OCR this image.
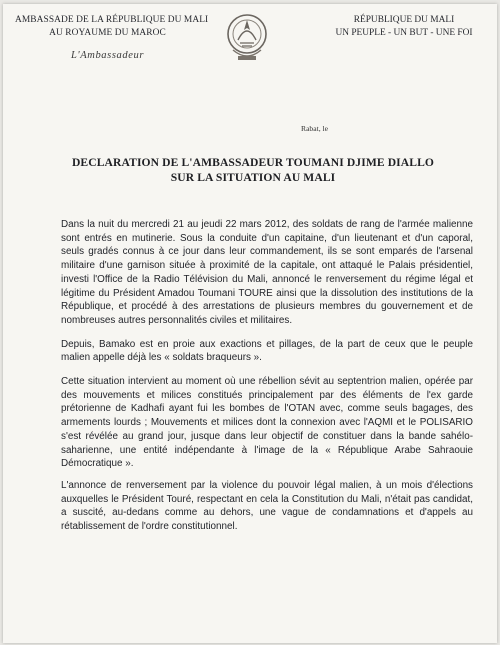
AMBASSADE DE LA RÉPUBLIQUE DU MALI
AU ROYAUME DU MAROC
L'Ambassadeur
RÉPUBLIQUE DU MALI
UN PEUPLE - UN BUT - UNE FOI
Rabat, le
DECLARATION DE L'AMBASSADEUR TOUMANI DJIME DIALLO
SUR LA SITUATION AU MALI

Dans la nuit du mercredi 21 au jeudi 22 mars 2012, des soldats de rang de l'armée malienne sont entrés en mutinerie. Sous la conduite d'un capitaine, d'un lieutenant et d'un caporal, seuls gradés connus à ce jour dans leur commandement, ils se sont emparés de l'arsenal militaire d'une garnison située à proximité de la capitale, ont attaqué le Palais présidentiel, investi l'Office de la Radio Télévision du Mali, annoncé le renversement du régime légal et légitime du Président Amadou Toumani TOURE ainsi que la dissolution des institutions de la République, et procédé à des arrestations de plusieurs membres du gouvernement et de nombreuses autres personnalités civiles et militaires.

Depuis, Bamako est en proie aux exactions et pillages, de la part de ceux que le peuple malien appelle déjà les « soldats braqueurs ».

Cette situation intervient au moment où une rébellion sévit au septentrion malien, opérée par des mouvements et milices constitués principalement par des éléments de l'ex garde prétorienne de Kadhafi ayant fui les bombes de l'OTAN avec, comme seuls bagages, des armements lourds ; Mouvements et milices dont la connexion avec l'AQMI et le POLISARIO s'est révélée au grand jour, jusque dans leur objectif de constituer dans la bande sahélo-saharienne, une entité indépendante à l'image de la « République Arabe Sahraouie Démocratique ».

L'annonce de renversement par la violence du pouvoir légal malien, à un mois d'élections auxquelles le Président Touré, respectant en cela la Constitution du Mali, n'était pas candidat, a suscité, au-dedans comme au dehors, une vague de condamnations et d'appels au rétablissement de l'ordre constitutionnel.
